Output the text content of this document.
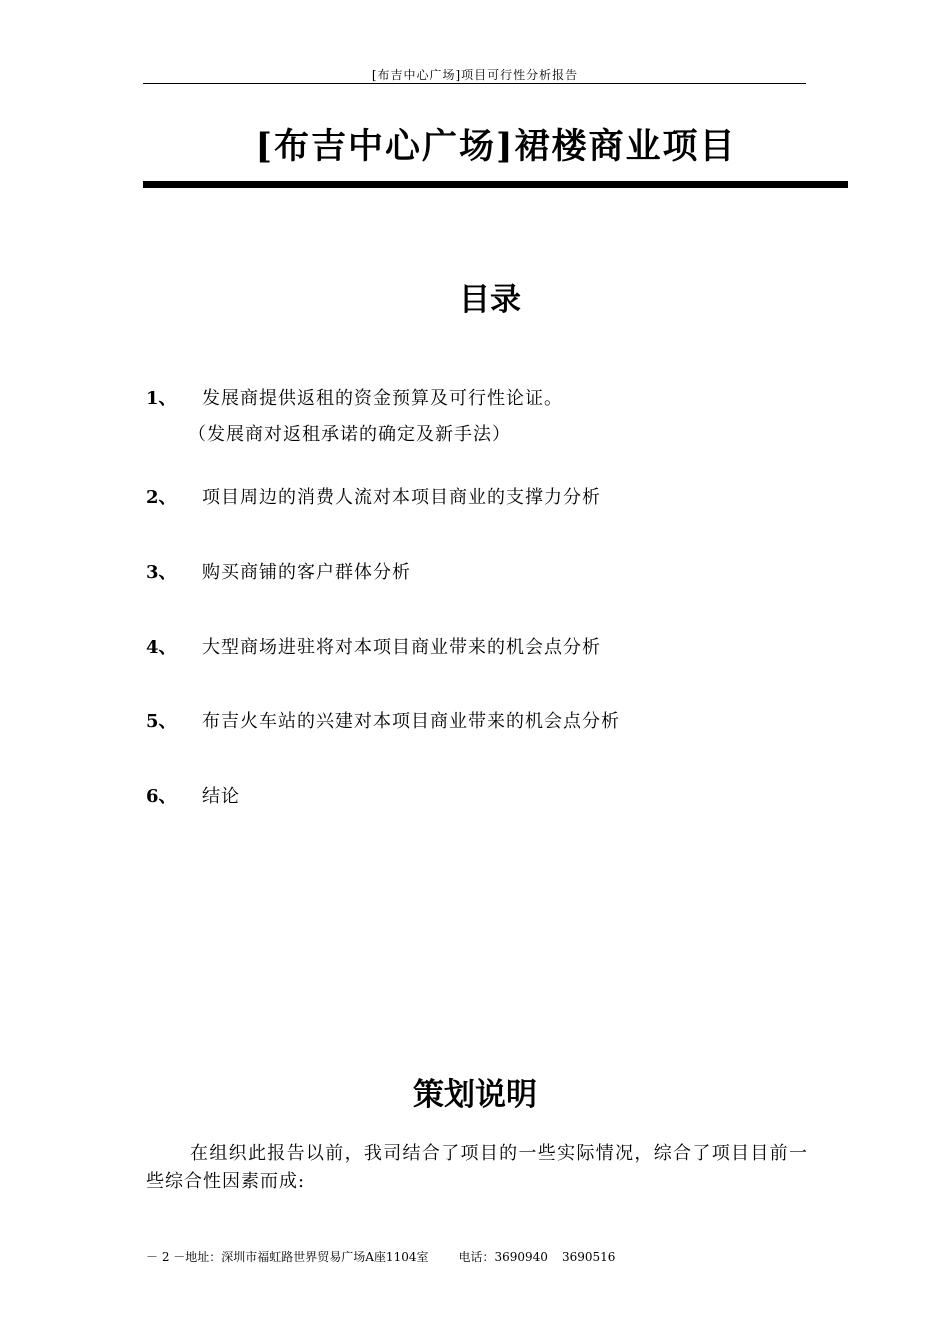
[布吉中心广场]项目可行性分析报告
[布吉中心广场]裙楼商业项目
目录
1、	发展商提供返租的资金预算及可行性论证。
（发展商对返租承诺的确定及新手法）
2、	项目周边的消费人流对本项目商业的支撑力分析
3、	购买商铺的客户群体分析
4、	大型商场进驻将对本项目商业带来的机会点分析
5、	布吉火车站的兴建对本项目商业带来的机会点分析
6、	结论
策划说明
在组织此报告以前，我司结合了项目的一些实际情况，综合了项目目前一些综合性因素而成:
－ 2 －地址：深圳市福虹路世界贸易广场A座1104室	电话：3690940 3690516
